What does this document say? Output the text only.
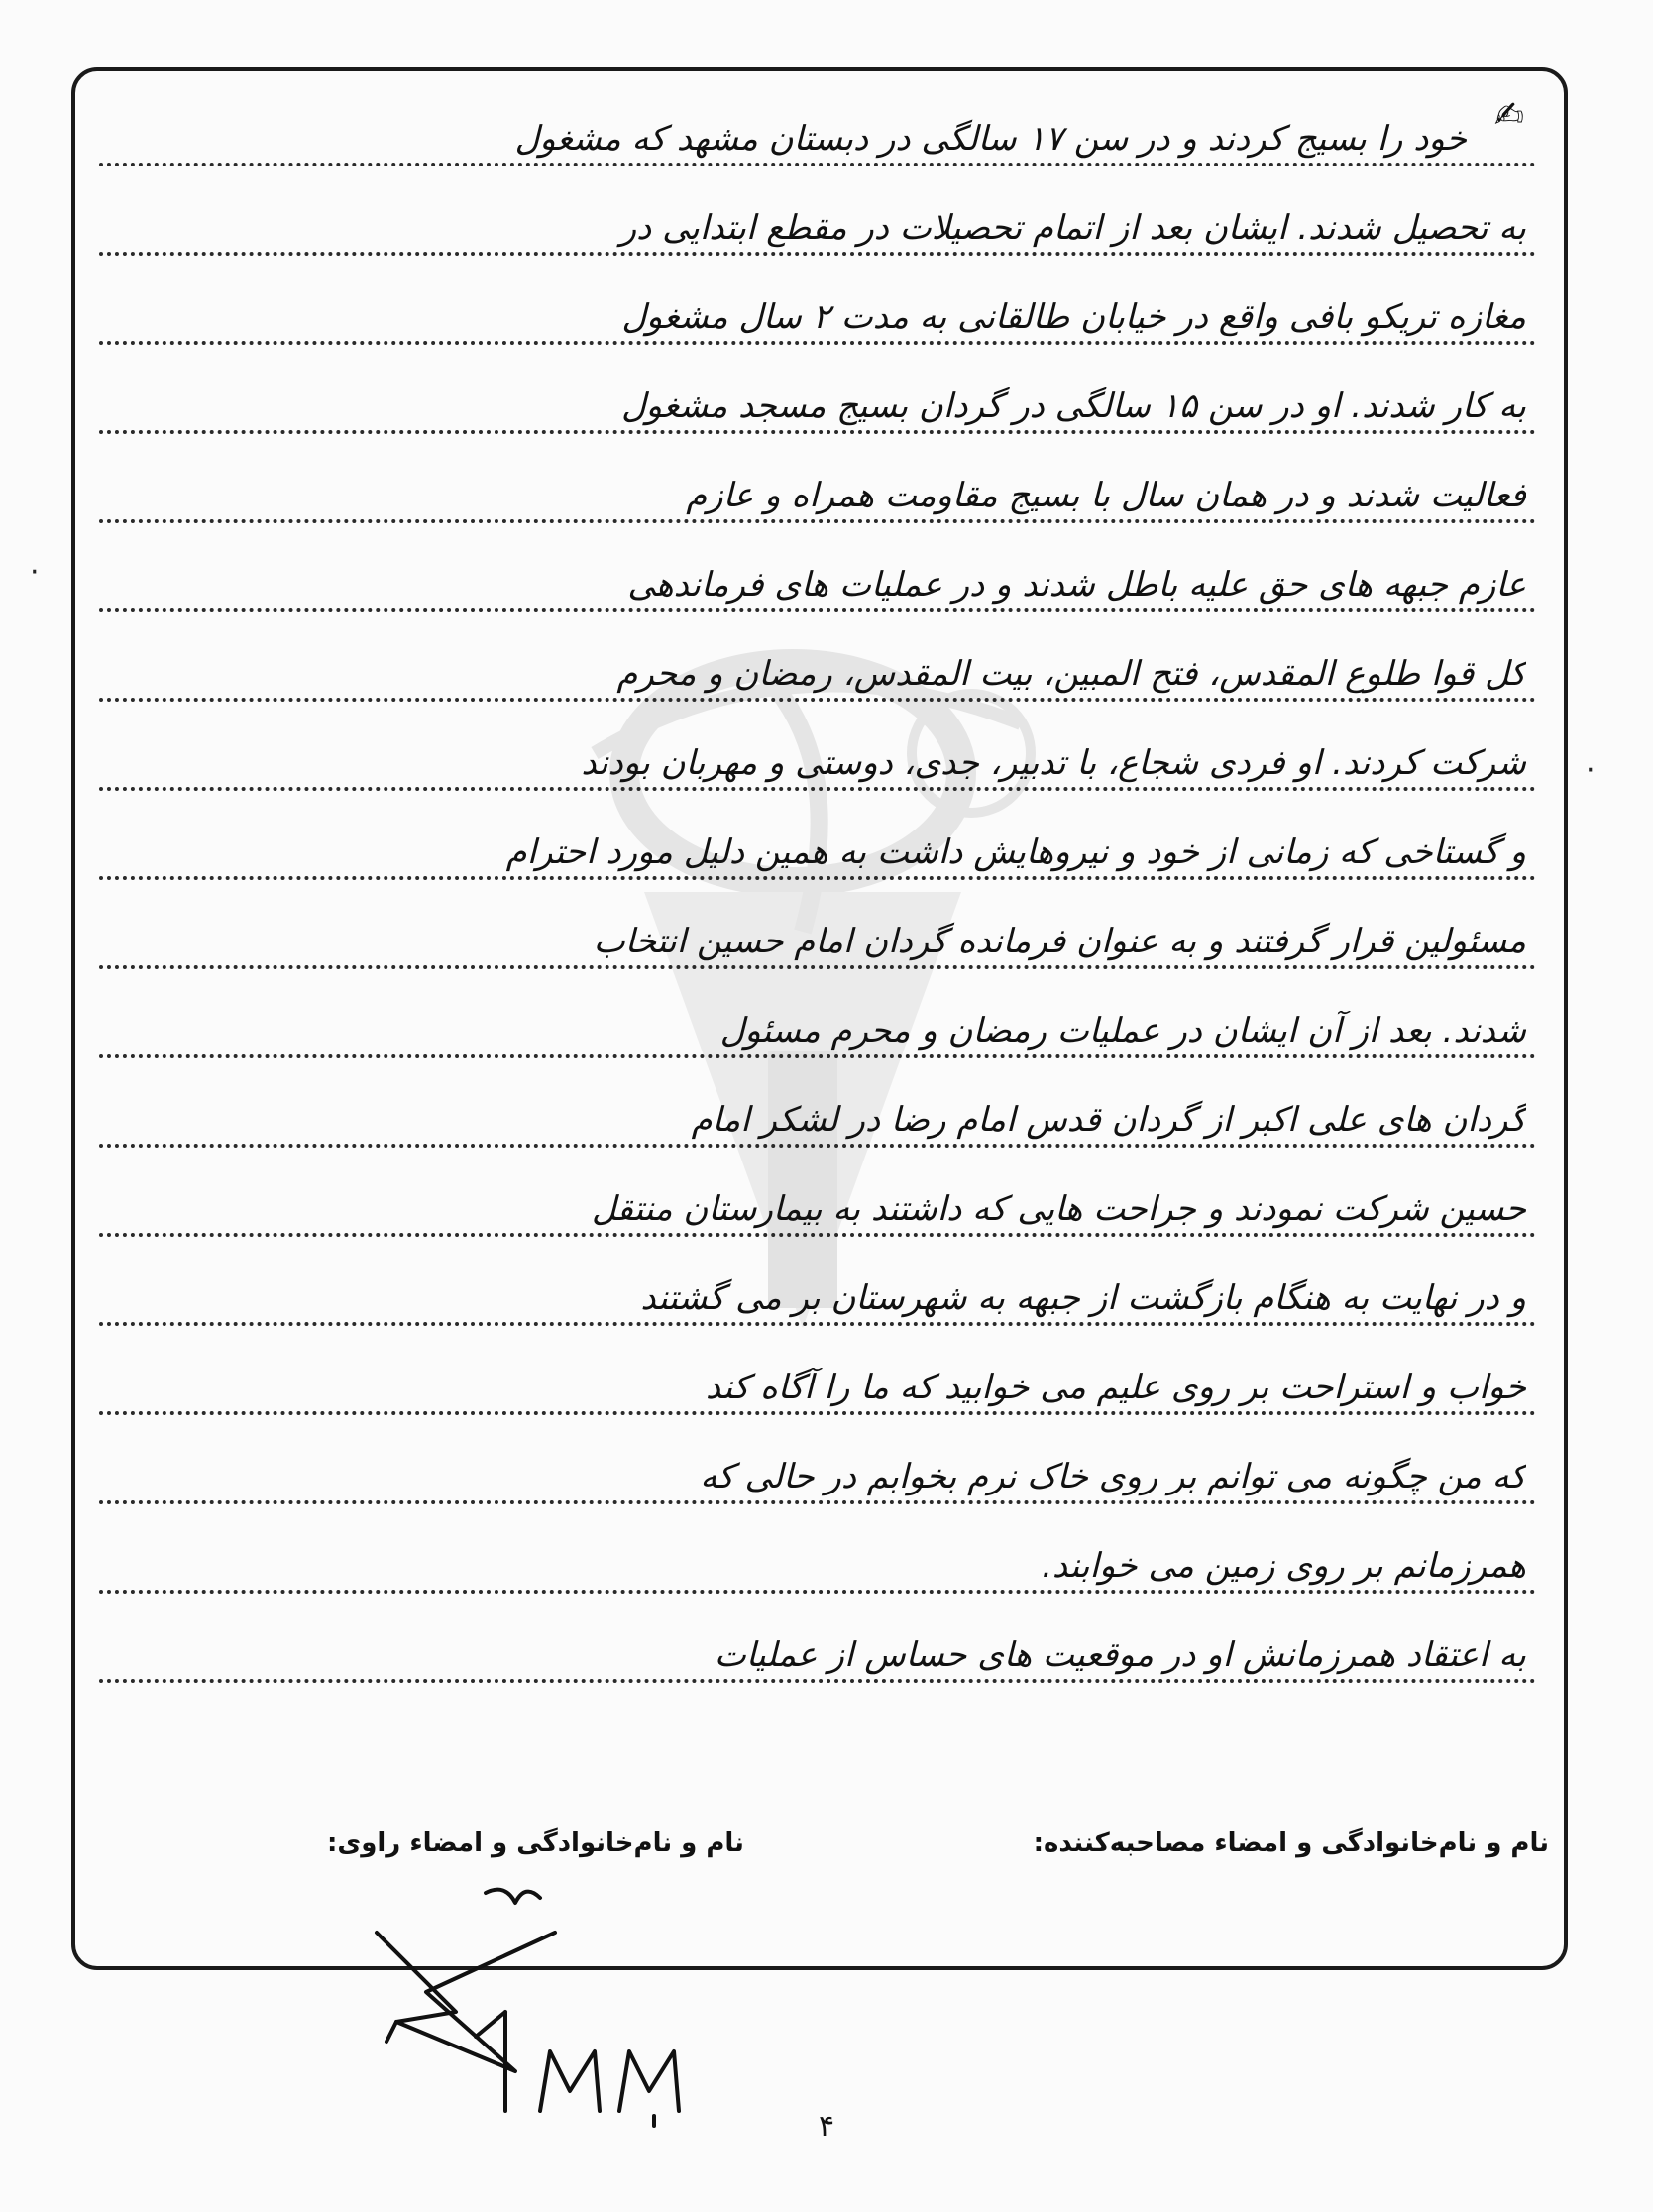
✍
خود را بسیج کردند و در سن ۱۷ سالگی در دبستان مشهد که مشغول
به تحصیل شدند. ایشان بعد از اتمام تحصیلات در مقطع ابتدایی در
مغازه تریکو بافی واقع در خیابان طالقانی به مدت ۲ سال مشغول
به کار شدند. او در سن ۱۵ سالگی در گردان بسیج مسجد مشغول
فعالیت شدند و در همان سال با بسیج مقاومت همراه و عازم
عازم جبهه های حق علیه باطل شدند و در عملیات های فرماندهی
کل قوا طلوع المقدس، فتح المبین، بیت المقدس، رمضان و محرم
شرکت کردند. او فردی شجاع، با تدبیر، جدی، دوستی و مهربان بودند
و گستاخی که زمانی از خود و نیروهایش داشت به همین دلیل مورد احترام
مسئولین قرار گرفتند و به عنوان فرمانده گردان امام حسین انتخاب
شدند. بعد از آن ایشان در عملیات رمضان و محرم مسئول
گردان های علی اکبر از گردان قدس امام رضا در لشکر امام
حسین شرکت نمودند و جراحت هایی که داشتند به بیمارستان منتقل
و در نهایت به هنگام بازگشت از جبهه به شهرستان بر می گشتند
خواب و استراحت بر روی علیم می خوابید که ما را آگاه کند
که من چگونه می توانم بر روی خاک نرم بخوابم در حالی که
همرزمانم بر روی زمین می خوابند.
به اعتقاد همرزمانش او در موقعیت های حساس از عملیات
نام و نام‌خانوادگی و امضاء مصاحبه‌کننده:
نام و نام‌خانوادگی و امضاء راوی:
۴
·
·
